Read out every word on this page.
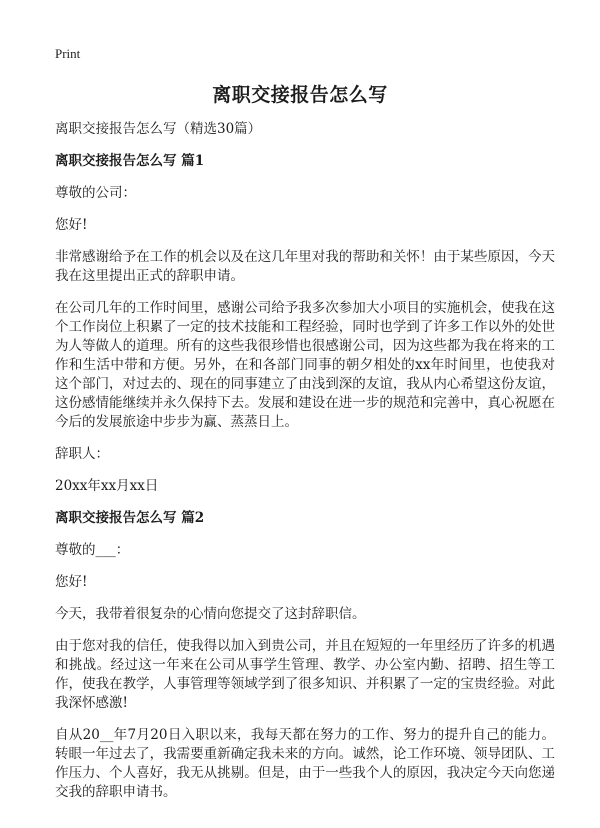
Print
离职交接报告怎么写
离职交接报告怎么写（精选30篇）
离职交接报告怎么写 篇1
尊敬的公司：
您好!
非常感谢给予在工作的机会以及在这几年里对我的帮助和关怀！由于某些原因，今天我在这里提出正式的辞职申请。
在公司几年的工作时间里，感谢公司给予我多次参加大小项目的实施机会，使我在这个工作岗位上积累了一定的技术技能和工程经验，同时也学到了许多工作以外的处世为人等做人的道理。所有的这些我很珍惜也很感谢公司，因为这些都为我在将来的工作和生活中带和方便。另外，在和各部门同事的朝夕相处的xx年时间里，也使我对这个部门，对过去的、现在的同事建立了由浅到深的友谊，我从内心希望这份友谊，这份感情能继续并永久保持下去。发展和建设在进一步的规范和完善中，真心祝愿在今后的发展旅途中步步为赢、蒸蒸日上。
辞职人：
20xx年xx月xx日
离职交接报告怎么写 篇2
尊敬的___：
您好!
今天，我带着很复杂的心情向您提交了这封辞职信。
由于您对我的信任，使我得以加入到贵公司，并且在短短的一年里经历了许多的机遇和挑战。经过这一年来在公司从事学生管理、教学、办公室内勤、招聘、招生等工作，使我在教学，人事管理等领域学到了很多知识、并积累了一定的宝贵经验。对此我深怀感激!
自从20__年7月20日入职以来，我每天都在努力的工作、努力的提升自己的能力。转眼一年过去了，我需要重新确定我未来的方向。诚然，论工作环境、领导团队、工作压力、个人喜好，我无从挑剔。但是，由于一些我个人的原因，我决定今天向您递交我的辞职申请书。
